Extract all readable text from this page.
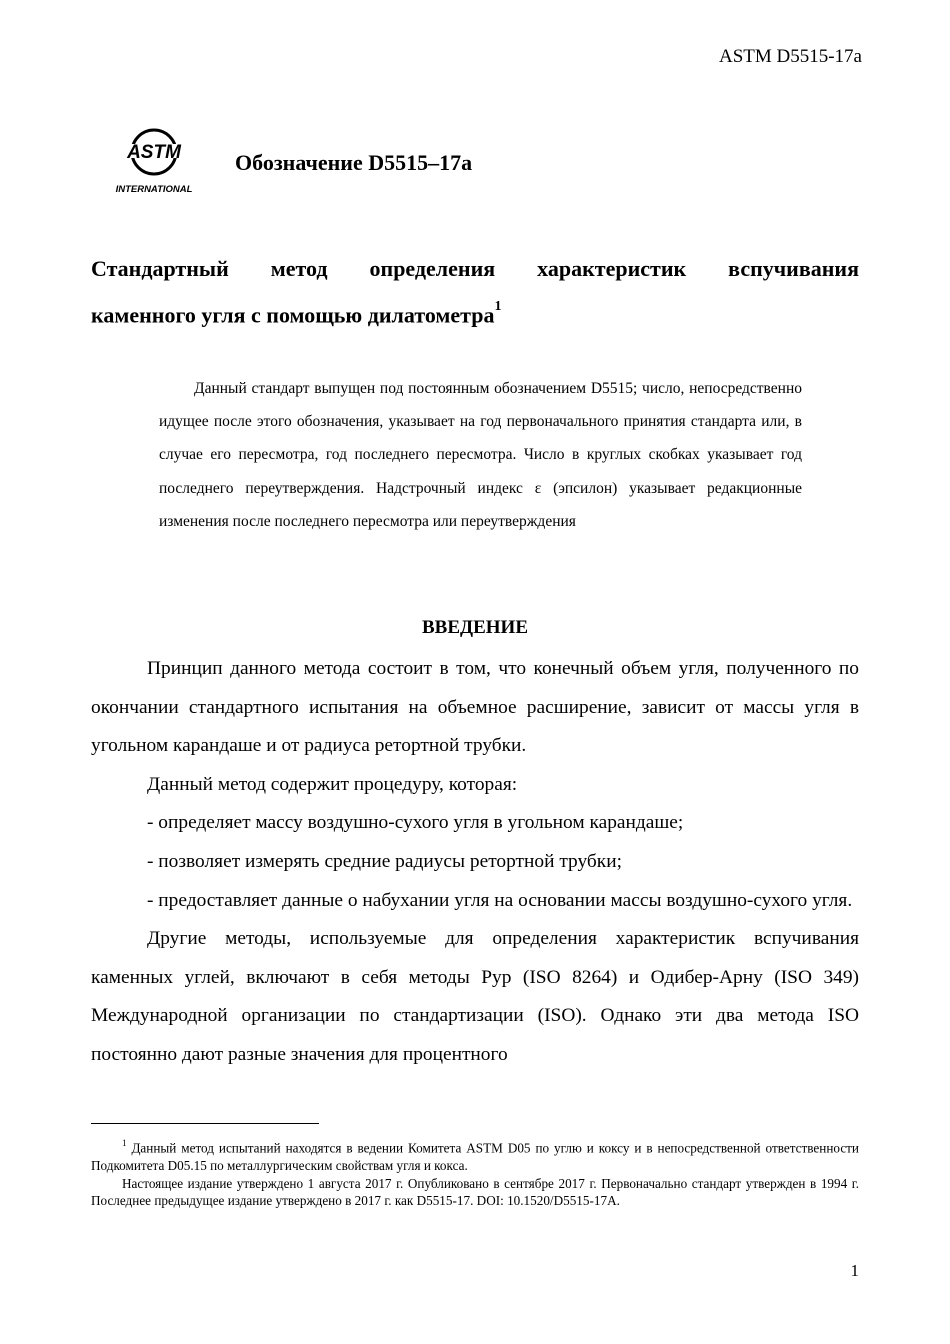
ASTM D5515-17a
ASTM
INTERNATIONAL
Обозначение D5515–17a
Стандартный метод определения характеристик вспучивания
каменного угля с помощью дилатометра$^1$
Данный стандарт выпущен под постоянным обозначением D5515; число, непосредственно идущее после этого обозначения, указывает на год первоначального принятия стандарта или, в случае его пересмотра, год последнего пересмотра. Число в круглых скобках указывает год последнего переутверждения. Надстрочный индекс ε (эпсилон) указывает редакционные изменения после последнего пересмотра или переутверждения
ВВЕДЕНИЕ

Принцип данного метода состоит в том, что конечный объем угля, полученного по окончании стандартного испытания на объемное расширение, зависит от массы угля в угольном карандаше и от радиуса ретортной трубки.

Данный метод содержит процедуру, которая:

- определяет массу воздушно-сухого угля в угольном карандаше;

- позволяет измерять средние радиусы ретортной трубки;

- предоставляет данные о набухании угля на основании массы воздушно-сухого угля.

Другие методы, используемые для определения характеристик вспучивания каменных углей, включают в себя методы Руp (ISO 8264) и Одибер-Арну (ISO 349) Международной организации по стандартизации (ISO). Однако эти два метода ISO постоянно дают разные значения для процентного

$^1$ Данный метод испытаний находятся в ведении Комитета ASTM D05 по углю и коксу и в непосредственной ответственности Подкомитета D05.15 по металлургическим свойствам угля и кокса.

Настоящее издание утверждено 1 августа 2017 г. Опубликовано в сентябре 2017 г. Первоначально стандарт утвержден в 1994 г. Последнее предыдущее издание утверждено в 2017 г. как D5515-17. DOI: 10.1520/D5515-17A.

1
